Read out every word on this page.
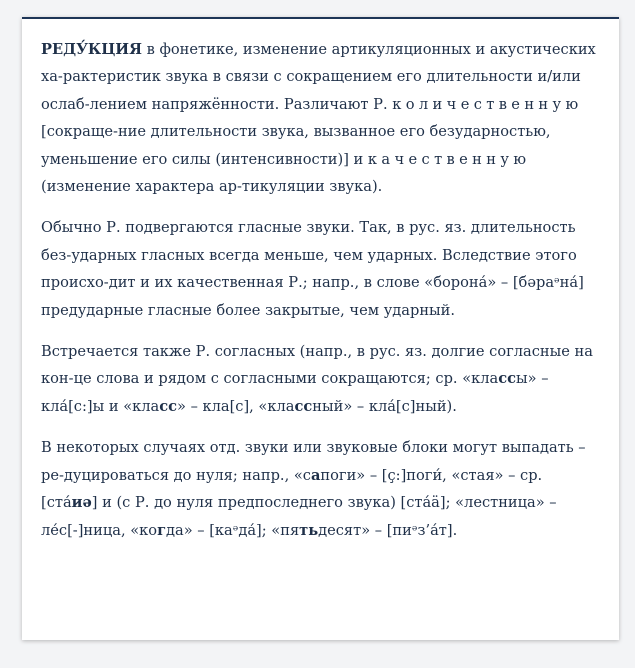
РЕДУ́КЦИЯ в фонетике, изменение артикуляционных и акустических ха-рактеристик звука в связи с сокращением его длительности и/или ослаб-лением напряжённости. Различают Р. количественную [сокраще-ние длительности звука, вызванное его безударностью, уменьшение его силы (интенсивности)] и качественную (изменение характера ар-тикуляции звука).

Обычно Р. подвергаются гласные звуки. Так, в рус. яз. длительность без-ударных гласных всегда меньше, чем ударных. Вследствие этого происхо-дит и их качественная Р.; напр., в слове «борона́» – [бәраᵊна́] предударные гласные более закрытые, чем ударный.

Встречается также Р. согласных (напр., в рус. яз. долгие согласные на кон-це слова и рядом с согласными сокращаются; ср. «классы» – кла́[с:]ы и «класс» – кла[с], «классный» – кла́[с]ный).

В некоторых случаях отд. звуки или звуковые блоки могут выпадать – ре-дуцироваться до нуля; напр., «сапоги» – [ç:]поги́, «стая» – ср. [ста́иə] и (с Р. до нуля предпоследнего звука) [ста́ä]; «лестница» – ле́с[-]ница, «когда» – [каᵊда́]; «пятьдесят» – [пиᵊз’а́т].
